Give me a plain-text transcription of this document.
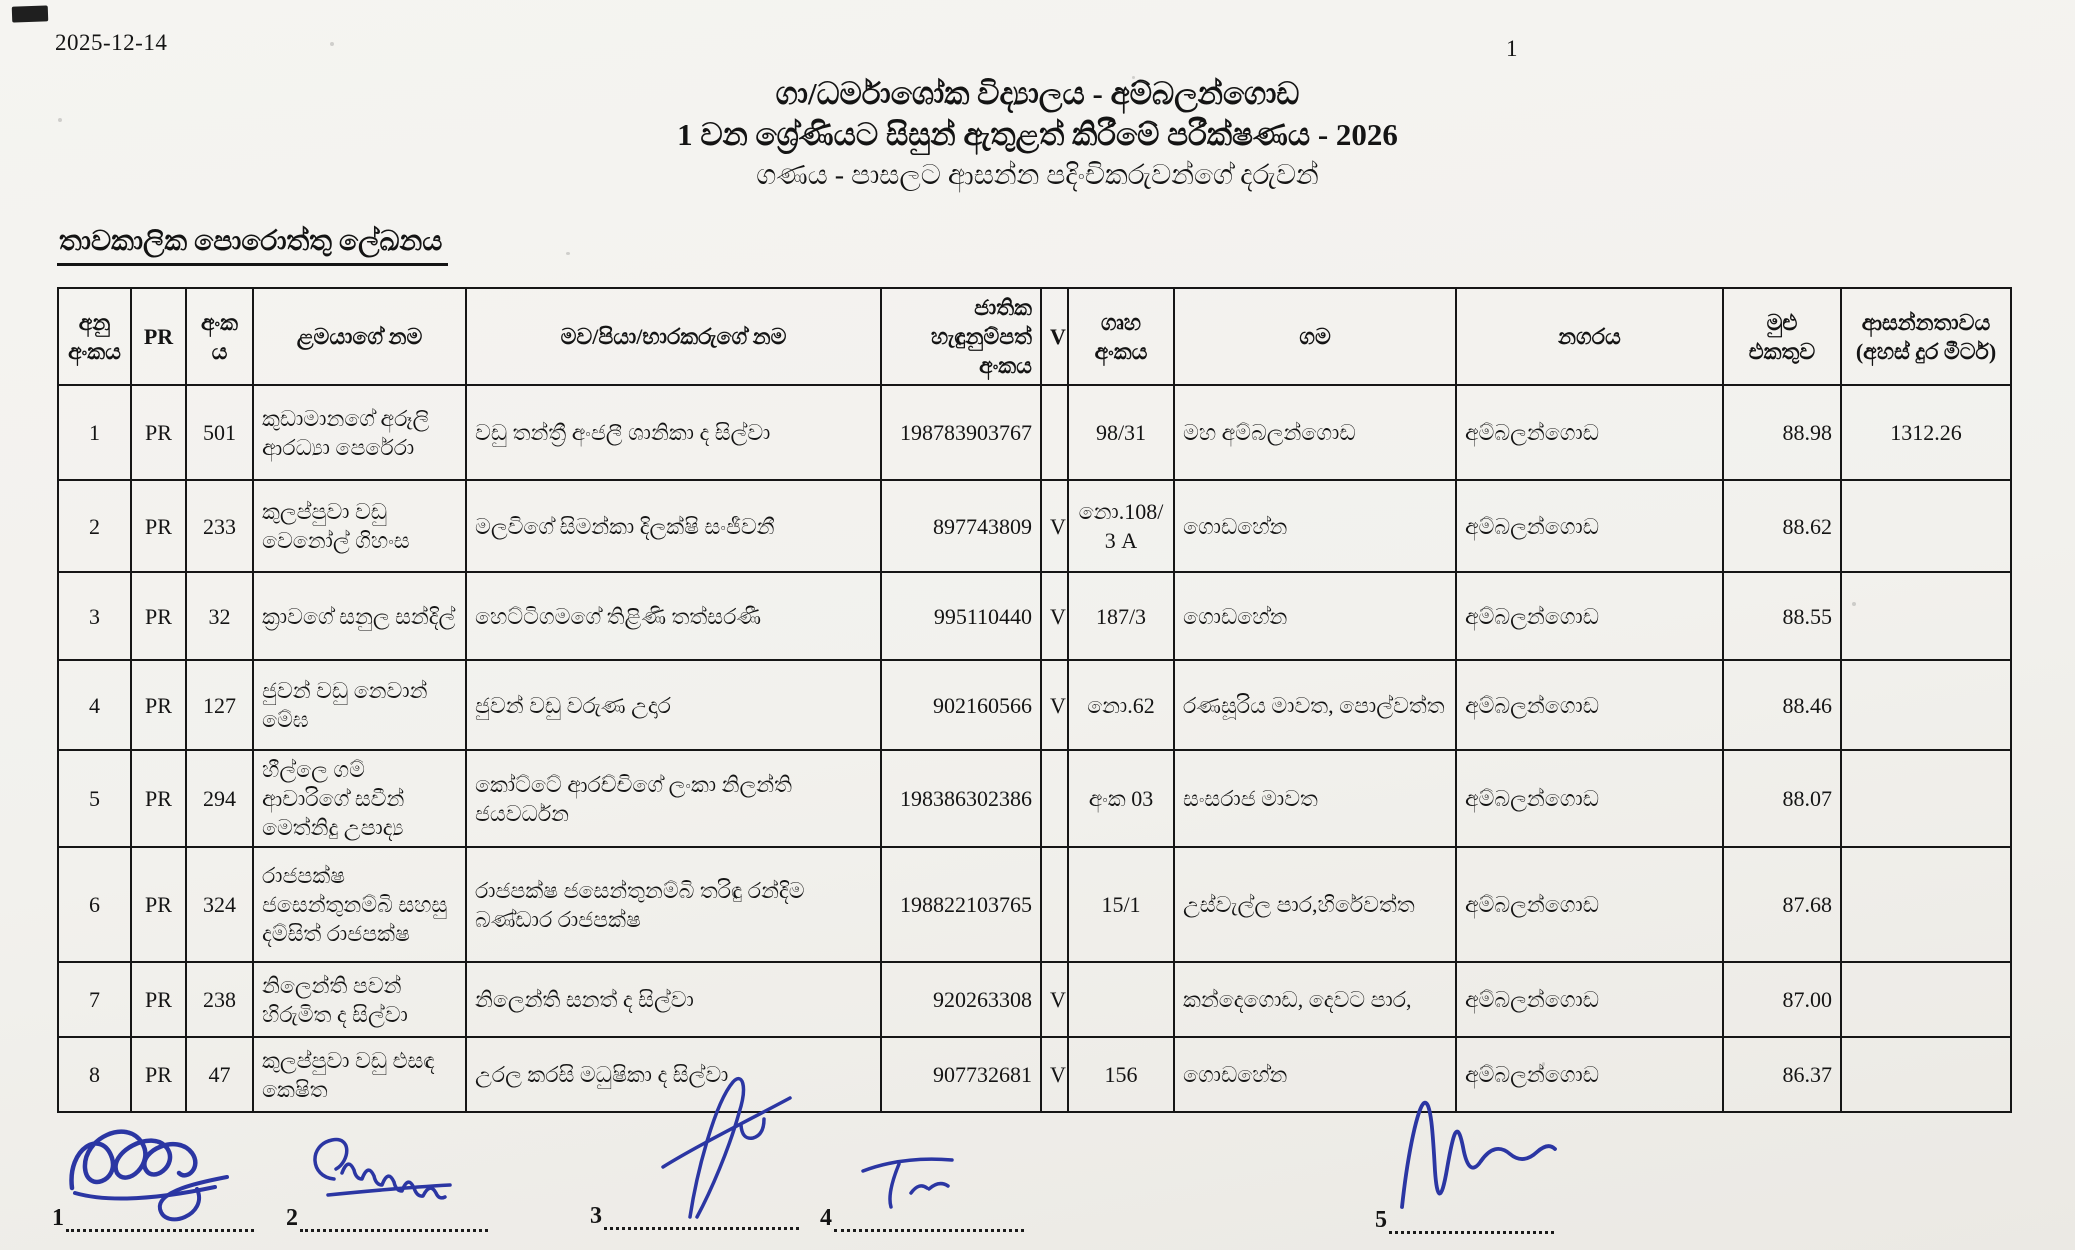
2025-12-14	1

ගා/ධර්මාශෝක විද්‍යාලය - අම්බලන්ගොඩ

1 වන ශ්‍රේණියට සිසුන් ඇතුළත් කිරීමේ පරීක්ෂණය - 2026

ගණය - පාසලට ආසන්න පදිංචිකරුවන්ගේ දරුවන්

තාවකාලික පොරොත්තු ලේඛනය
අනු අංකය	PR	අංකය	ළමයාගේ නම	මව/පියා/භාරකරුගේ නම	ජාතික හැඳුනුම්පත් අංකය	V	ගෘහ අංකය	ගම	නගරය	මුළු එකතුව	ආසන්නතාවය (අහස් දුර මීටර්)
1	PR	501	කුඩාමානගේ අරූලි ආරධ්‍යා පෙරේරා	වඩු තන්ත්‍රී අංජලී ශානිකා ද සිල්වා	198783903767		98/31	මහ අම්බලන්ගොඩ	අම්බලන්ගොඩ	88.98	1312.26
2	PR	233	කුලප්පුවා වඩු වෙනෝල් ගිහංස	මලවිගේ සිමන්කා දිලක්ෂි සංජීවනී	897743809	V	නො.108/3 A	ගොඩහේන	අම්බලන්ගොඩ	88.62	
3	PR	32	ක්‍රාවගේ සනුල සන්දිල්	හෙට්ටිගමගේ තිළිණි තත්සරණී	995110440	V	187/3	ගොඩහේන	අම්බලන්ගොඩ	88.55	
4	PR	127	ජුවන් වඩු නෙවාන් මේඝ	ජුවන් වඩු වරුණ උදාර	902160566	V	නො.62	රණසූරිය මාවත, පොල්වත්ත	අම්බලන්ගොඩ	88.46	
5	PR	294	හීල්ලෙ ගම් ආචාරිගේ සවීන් මෙත්නිදු උපාද්‍ය	කෝට්ටේ ආරච්චිගේ ලංකා නිලන්ති ජයවර්ධන	198386302386		අංක 03	සංසරාජ මාවත	අම්බලන්ගොඩ	88.07	
6	PR	324	රාජපක්ෂ ජසෙන්තුනම්බි සහසු දම්සිත් රාජපක්ෂ	රාජපක්ෂ ජසෙන්තුනම්බි තරිඳු රන්දිම බණ්ඩාර රාජපක්ෂ	198822103765		15/1	උස්වැල්ල පාර,හිරේවත්ත	අම්බලන්ගොඩ	87.68	
7	PR	238	නිලෙන්ති පවන් හිරුමිත ද සිල්වා	නිලෙන්ති සනත් ද සිල්වා	920263308	V		කන්දෙගොඩ, දෙවට පාර,	අම්බලන්ගොඩ	87.00	
8	PR	47	කුලප්පුවා වඩු එසඳ කෙෂිත	උරල කරසි මධුෂිකා ද සිල්වා	907732681	V	156	ගොඩහේන	අම්බලන්ගොඩ	86.37	
1	2	3	4	5
